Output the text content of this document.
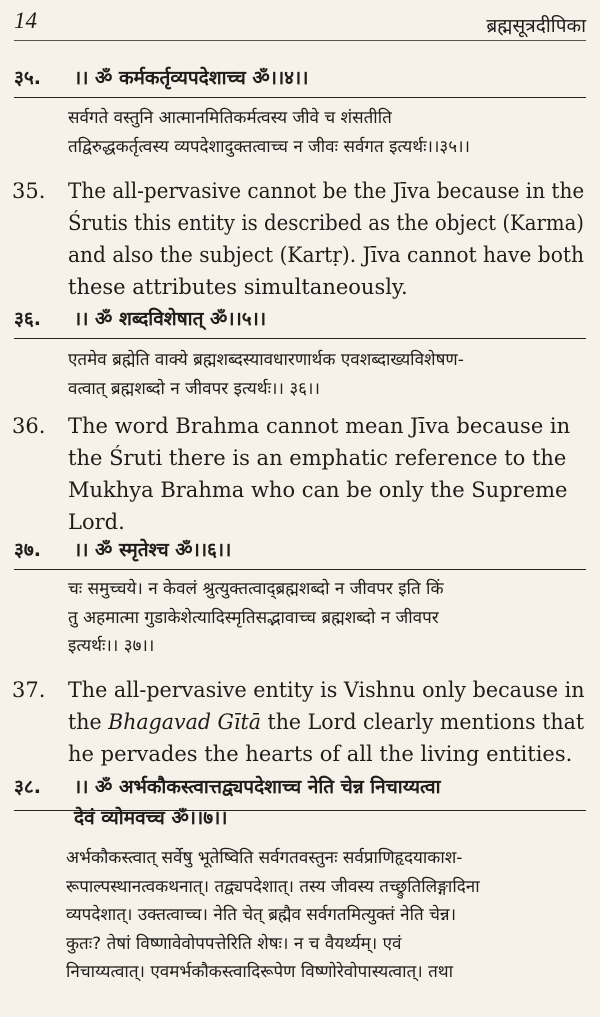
14	ब्रह्मसूत्रदीपिका
३५. ।। ॐ कर्मकर्तृव्यपदेशाच्च ॐ।।४।।
सर्वगते वस्तुनि आत्मानमितिकर्मत्वस्य जीवे च शंसतीति
तद्विरुद्धकर्तृत्वस्य व्यपदेशादुक्तत्वाच्च न जीवः सर्वगत इत्यर्थः।।३५।।
35. The all-pervasive cannot be the Jīva because in the
Śrutis this entity is described as the object (Karma)
and also the subject (Kartṛ). Jīva cannot have both
these attributes simultaneously.
३६. ।। ॐ शब्दविशेषात् ॐ।।५।।
एतमेव ब्रह्मेति वाक्ये ब्रह्मशब्दस्यावधारणार्थक एवशब्दाख्यविशेषण-
वत्वात् ब्रह्मशब्दो न जीवपर इत्यर्थः।। ३६।।
36. The word Brahma cannot mean Jīva because in
the Śruti there is an emphatic reference to the
Mukhya Brahma who can be only the Supreme
Lord.
३७. ।। ॐ स्मृतेश्च ॐ।।६।।
चः समुच्चये। न केवलं श्रुत्युक्तत्वाद्ब्रह्मशब्दो न जीवपर इति किं
तु अहमात्मा गुडाकेशेत्यादिस्मृतिसद्भावाच्च ब्रह्मशब्दो न जीवपर
इत्यर्थः।। ३७।।
37. The all-pervasive entity is Vishnu only because in
the Bhagavad Gītā the Lord clearly mentions that
he pervades the hearts of all the living entities.
३८. ।। ॐ अर्भकौकस्त्वात्तद्व्यपदेशाच्च नेति चेन्न निचाय्यत्वा
देवं व्योमवच्च ॐ।।७।।
अर्भकौकस्त्वात् सर्वेषु भूतेष्विति सर्वगतवस्तुनः सर्वप्राणिहृदयाकाश-
रूपाल्पस्थानत्वकथनात्। तद्व्यपदेशात्। तस्य जीवस्य तच्छ्रुतिलिङ्गादिना
व्यपदेशात्। उक्तत्वाच्च। नेति चेत् ब्रह्मैव सर्वगतमित्युक्तं नेति चेन्न।
कुतः? तेषां विष्णावेवोपपत्तेरिति शेषः। न च वैयर्थ्यम्। एवं
निचाय्यत्वात्। एवमर्भकौकस्त्वादिरूपेण विष्णोरेवोपास्यत्वात्। तथा
